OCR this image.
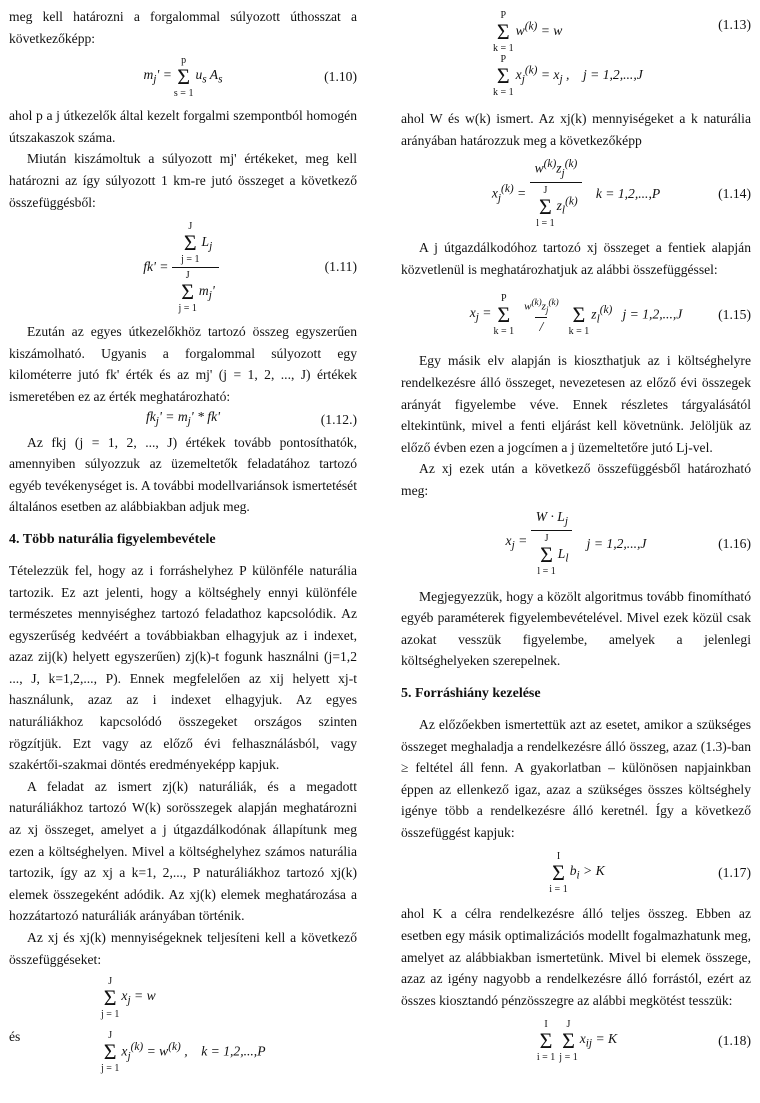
meg kell határozni a forgalommal súlyozott úthosszat a következőképp:

$m_j'$ =
p
Σ
s = 1
$u_s$ $A_s$	(1.10)

ahol p a j útkezelők által kezelt forgalmi szempontból homogén útszakaszok száma.

Miután kiszámoltuk a súlyozott mj' értékeket, meg kell határozni az így súlyozott 1 km-re jutó összeget a következő összefüggésből:

fk' = J
Σ
j = 1
$L_j$
J
Σ
j = 1
$m_j'$	(1.11)

Ezután az egyes útkezelőkhöz tartozó összeg egyszerűen kiszámolható. Ugyanis a forgalommal súlyozott egy kilométerre jutó fk' érték és az mj' (j = 1, 2, ..., J) értékek ismeretében ez az érték meghatározható:

$fk_j' = m_j' * fk'$	(1.12.)

Az fkj (j = 1, 2, ..., J) értékek tovább pontosíthatók, amennyiben súlyozzuk az üzemeltetők feladatához tartozó egyéb tevékenységet is. A további modellvariánsok ismertetését általános esetben az alábbiakban adjuk meg.

4. Több naturália figyelembevétele

Tételezzük fel, hogy az i forráshelyhez P különféle naturália tartozik. Ez azt jelenti, hogy a költséghely ennyi különféle természetes mennyiséghez tartozó feladathoz kapcsolódik. Az egyszerűség kedvéért a továbbiakban elhagyjuk az i indexet, azaz zij(k) helyett egyszerűen) zj(k)-t fogunk használni (j=1,2 ..., J, k=1,2,..., P). Ennek megfelelően az xij helyett xj-t használunk, azaz az i indexet elhagyjuk. Az egyes naturáliákhoz kapcsolódó összegeket országos szinten rögzítjük. Ezt vagy az előző évi felhasználásból, vagy szakértői-szakmai döntés eredményeképp kapjuk.

A feladat az ismert zj(k) naturáliák, és a megadott naturáliákhoz tartozó W(k) sorösszegek alapján meghatározni az xj összeget, amelyet a j útgazdálkodónak állapítunk meg ezen a költséghelyen. Mivel a költséghelyhez számos naturália tartozik, így az xj a k=1, 2,..., P naturáliákhoz tartozó xj(k) elemek összegeként adódik. Az xj(k) elemek meghatározása a hozzátartozó naturáliák arányában történik.

Az xj és xj(k) mennyiségeknek teljesíteni kell a következő összefüggéseket:

J
Σ
j = 1
$x_j = w$
J
Σ
j = 1
$x_j^{(k)} = w^{(k)}$ ,    k = 1,2,...,P
és
P
Σ
k = 1
$w^{(k)} = w$
P
Σ
k = 1
$x_j^{(k)} = x_j$ ,    j = 1,2,...,J
(1.13)

ahol W és w(k) ismert. Az xj(k) mennyiségeket a k naturália arányában határozzuk meg a következőképp

$x_j^{(k)} = w^{(k)}z_j^{(k)}$
J
Σ
l = 1
$z_l^{(k)}$ k = 1,2,...,P	(1.14)

A j útgazdálkodóhoz tartozó xj összeget a fentiek alapján közvetlenül is meghatározhatjuk az alábbi összefüggéssel:

$x_j$ =
P
Σ
$k = 1 \frac{w^{(k)}z_j^{(k)}}{/}$
Σ
k = 1
$z_l^{(k)}$   j = 1,2,...,J	(1.15)

Egy másik elv alapján is kioszthatjuk az i költséghelyre rendelkezésre álló összeget, nevezetesen az előző évi összegek arányát figyelembe véve. Ennek részletes tárgyalásától eltekintünk, mivel a fenti eljárást kell követnünk. Jelöljük az előző évben ezen a jogcímen a j üzemeltetőre jutó Lj-vel.

Az xj ezek után a következő összefüggésből határozható meg:

$x_j = W \cdot L_j$
J
Σ
l = 1
$L_l$ j = 1,2,...,J	(1.16)

Megjegyezzük, hogy a közölt algoritmus tovább finomítható egyéb paraméterek figyelembevételével. Mivel ezek közül csak azokat vesszük figyelembe, amelyek a jelenlegi költséghelyeken szerepelnek.

5. Forráshiány kezelése

Az előzőekben ismertettük azt az esetet, amikor a szükséges összeget meghaladja a rendelkezésre álló összeg, azaz (1.3)-ban ≥ feltétel áll fenn. A gyakorlatban – különösen napjainkban éppen az ellenkező igaz, azaz a szükséges összes költséghely igénye több a rendelkezésre álló keretnél. Így a következő összefüggést kapjuk:

I
Σ
i = 1
$b_i > K$	(1.17)

ahol K a célra rendelkezésre álló teljes összeg. Ebben az esetben egy másik optimalizációs modellt fogalmazhatunk meg, amelyet az alábbiakban ismertetünk. Mivel bi elemek összege, azaz az igény nagyobb a rendelkezésre álló forrástól, ezért az összes kiosztandó pénzösszegre az alábbi megkötést tesszük:

I
Σ
i = 1
J
Σ
j = 1
$x_{ij} = K$	(1.18)
